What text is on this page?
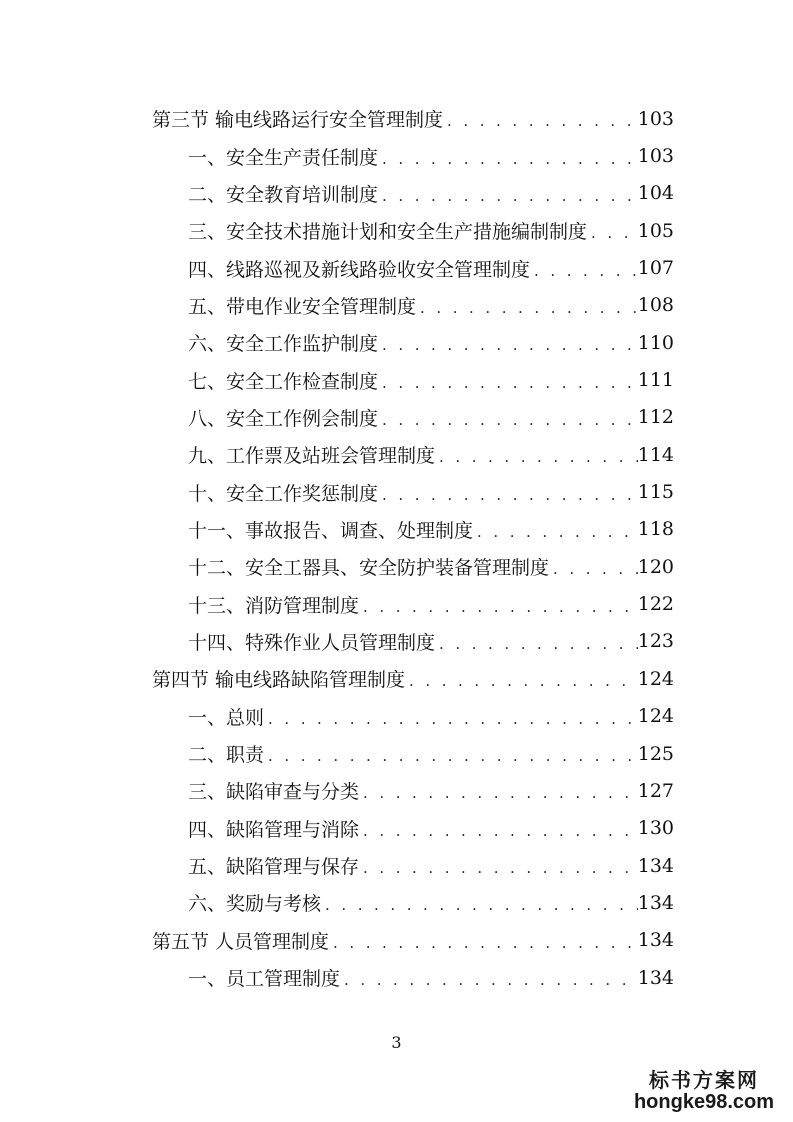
第三节 输电线路运行安全管理制度 . . .	103
一、安全生产责任制度 . . .	103
二、安全教育培训制度 . . .	104
三、安全技术措施计划和安全生产措施编制制度 . . .	105
四、线路巡视及新线路验收安全管理制度 . . .	107
五、带电作业安全管理制度 . . .	108
六、安全工作监护制度 . . .	110
七、安全工作检查制度 . . .	111
八、安全工作例会制度 . . .	112
九、工作票及站班会管理制度 . . .	114
十、安全工作奖惩制度 . . .	115
十一、事故报告、调查、处理制度 . . .	118
十二、安全工器具、安全防护装备管理制度 . . .	120
十三、消防管理制度 . . .	122
十四、特殊作业人员管理制度 . . .	123
第四节 输电线路缺陷管理制度 . . .	124
一、总则 . . .	124
二、职责 . . .	125
三、缺陷审查与分类 . . .	127
四、缺陷管理与消除 . . .	130
五、缺陷管理与保存 . . .	134
六、奖励与考核 . . .	134
第五节 人员管理制度 . . .	134
一、员工管理制度 . . .	134
3
标书方案网
hongke98.com
